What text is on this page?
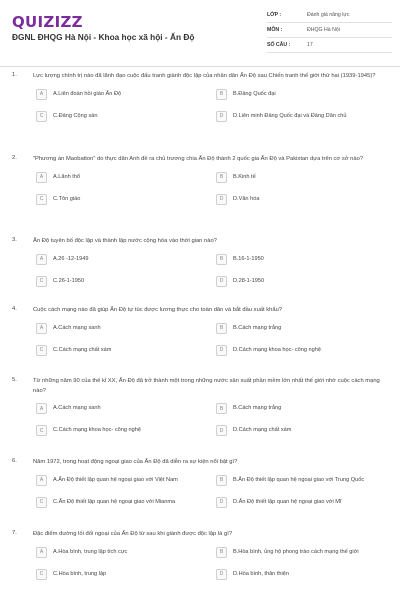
QUIZIZZ
ĐGNL ĐHQG Hà Nội - Khoa học xã hội - Ấn Độ
LỚP :	Đánh giá năng lực
MÔN :	ĐHQG Hà Nội
SỐ CÂU :	17
1.	Lực lượng chính trị nào đã lãnh đạo cuộc đấu tranh giành độc lập của nhân dân Ấn Độ sau Chiến tranh thế giới thứ hai (1939-1945)?
A	A.Liên đoàn hồi giáo Ấn Độ	B	B.Đảng Quốc đại
C	C.Đảng Cộng sản	D	D.Liên minh Đảng Quốc đại và Đảng Dân chủ
2.	"Phương án Maobatton" do thực dân Anh đề ra chủ trương chia Ấn Độ thành 2 quốc gia Ấn Độ và Pakixtan dựa trên cơ sở nào?
A	A.Lãnh thổ	B	B.Kinh tế
C	C.Tôn giáo	D	D.Văn hóa
3.	Ấn Độ tuyên bố độc lập và thành lập nước cộng hòa vào thời gian nào?
A	A.26 -12-1949	B	B.16-1-1950
C	C.26-1-1950	D	D.28-1-1950
4.	Cuộc cách mạng nào đã giúp Ấn Độ tự túc được lương thực cho toàn dân và bắt đầu xuất khẩu?
A	A.Cách mạng xanh	B	B.Cách mạng trắng
C	C.Cách mạng chất xám	D	D.Cách mạng khoa học- công nghệ
5.	Từ những năm 90 của thế kỉ XX, Ấn Độ đã trở thành một trong những nước sản xuất phần mềm lớn nhất thế giới nhờ cuộc cách mạng nào?
A	A.Cách mạng xanh	B	B.Cách mạng trắng
C	C.Cách mạng khoa học- công nghệ	D	D.Cách mạng chất xám
6.	Năm 1972, trong hoạt động ngoại giao của Ấn Độ đã diễn ra sự kiện nổi bật gì?
A	A.Ấn Độ thiết lập quan hệ ngoại giao với Việt Nam	B	B.Ấn Độ thiết lập quan hệ ngoại giao với Trung Quốc
C	C.Ấn Độ thiết lập quan hệ ngoại giao với Mianma	D	D.Ấn Độ thiết lập quan hệ ngoại giao với Mĩ
7.	Đặc điểm đường lối đối ngoại của Ấn Độ từ sau khi giành được độc lập là gì?
A	A.Hòa bình, trung lập tích cực	B	B.Hòa bình, ủng hộ phong trào cách mạng thế giới
C	C.Hòa bình, trung lập	D	D.Hòa bình, thân thiện
